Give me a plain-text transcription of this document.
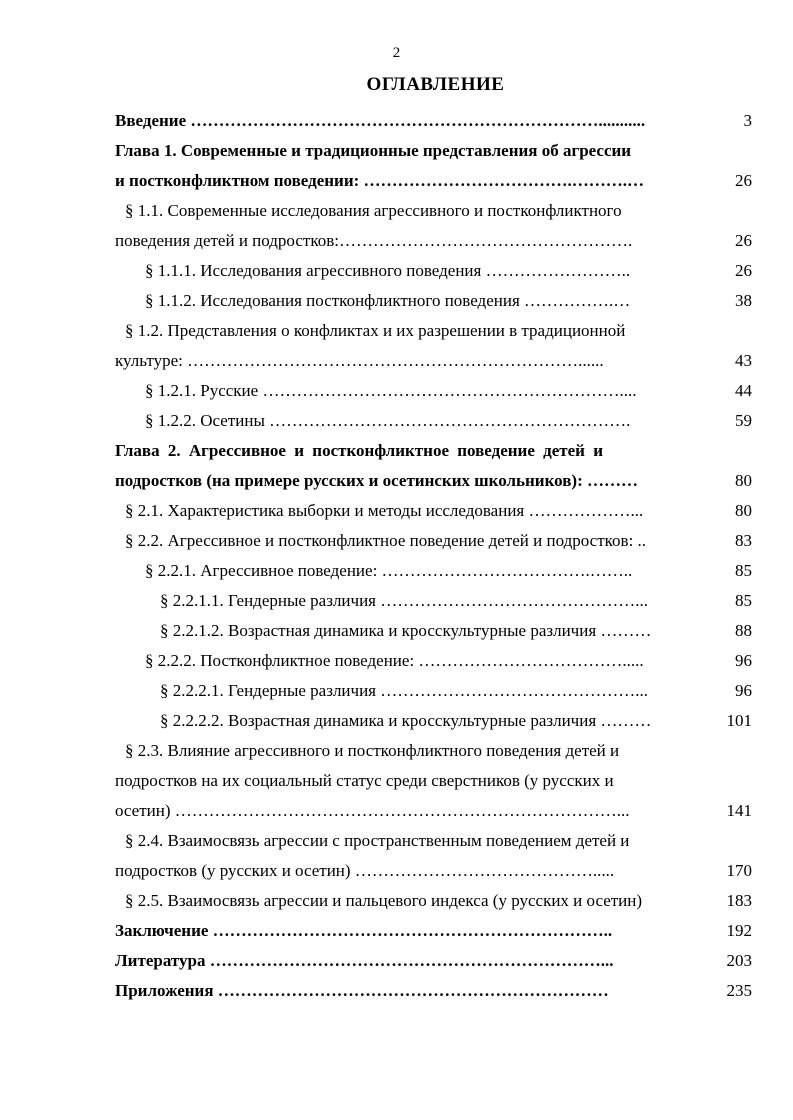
2
ОГЛАВЛЕНИЕ
Введение ………………………………………………………………...........	3
Глава 1. Современные и традиционные представления об агрессии
и постконфликтном поведении: ……………………………….……….…	26
§ 1.1. Современные исследования агрессивного и постконфликтного
поведения детей и подростков:…………………………………………….	26
§ 1.1.1. Исследования агрессивного поведения ……………………..	26
§ 1.1.2. Исследования постконфликтного поведения …………….…	38
§ 1.2. Представления о конфликтах и их разрешении в традиционной
культуре: ……………………………………………………………......	43
§ 1.2.1. Русские ………………………………………………………....	44
§ 1.2.2. Осетины ……………………………………………………….	59
Глава 2. Агрессивное и постконфликтное поведение детей и
подростков (на примере русских и осетинских школьников): ………	80
§ 2.1. Характеристика выборки и методы исследования ………………...	80
§ 2.2. Агрессивное и постконфликтное поведение детей и подростков: ..	83
§ 2.2.1. Агрессивное поведение: ……………………………….……..	85
§ 2.2.1.1. Гендерные различия ………………………………………...	85
§ 2.2.1.2. Возрастная динамика и кросскультурные различия ………	88
§ 2.2.2. Постконфликтное поведение: ……………………………….....	96
§ 2.2.2.1. Гендерные различия ………………………………………...	96
§ 2.2.2.2. Возрастная динамика и кросскультурные различия ………	101
§ 2.3. Влияние агрессивного и постконфликтного поведения детей и
подростков на их социальный статус среди сверстников (у русских и
осетин) ……………………………………………………………………...	141
§ 2.4. Взаимосвязь агрессии с пространственным поведением детей и
подростков (у русских и осетин) …………………………………….....	170
§ 2.5. Взаимосвязь агрессии и пальцевого индекса (у русских и осетин)	183
Заключение ……………………………………………………………..	192
Литература ……………………………………………………………...	203
Приложения ……………………………………………………………	235
